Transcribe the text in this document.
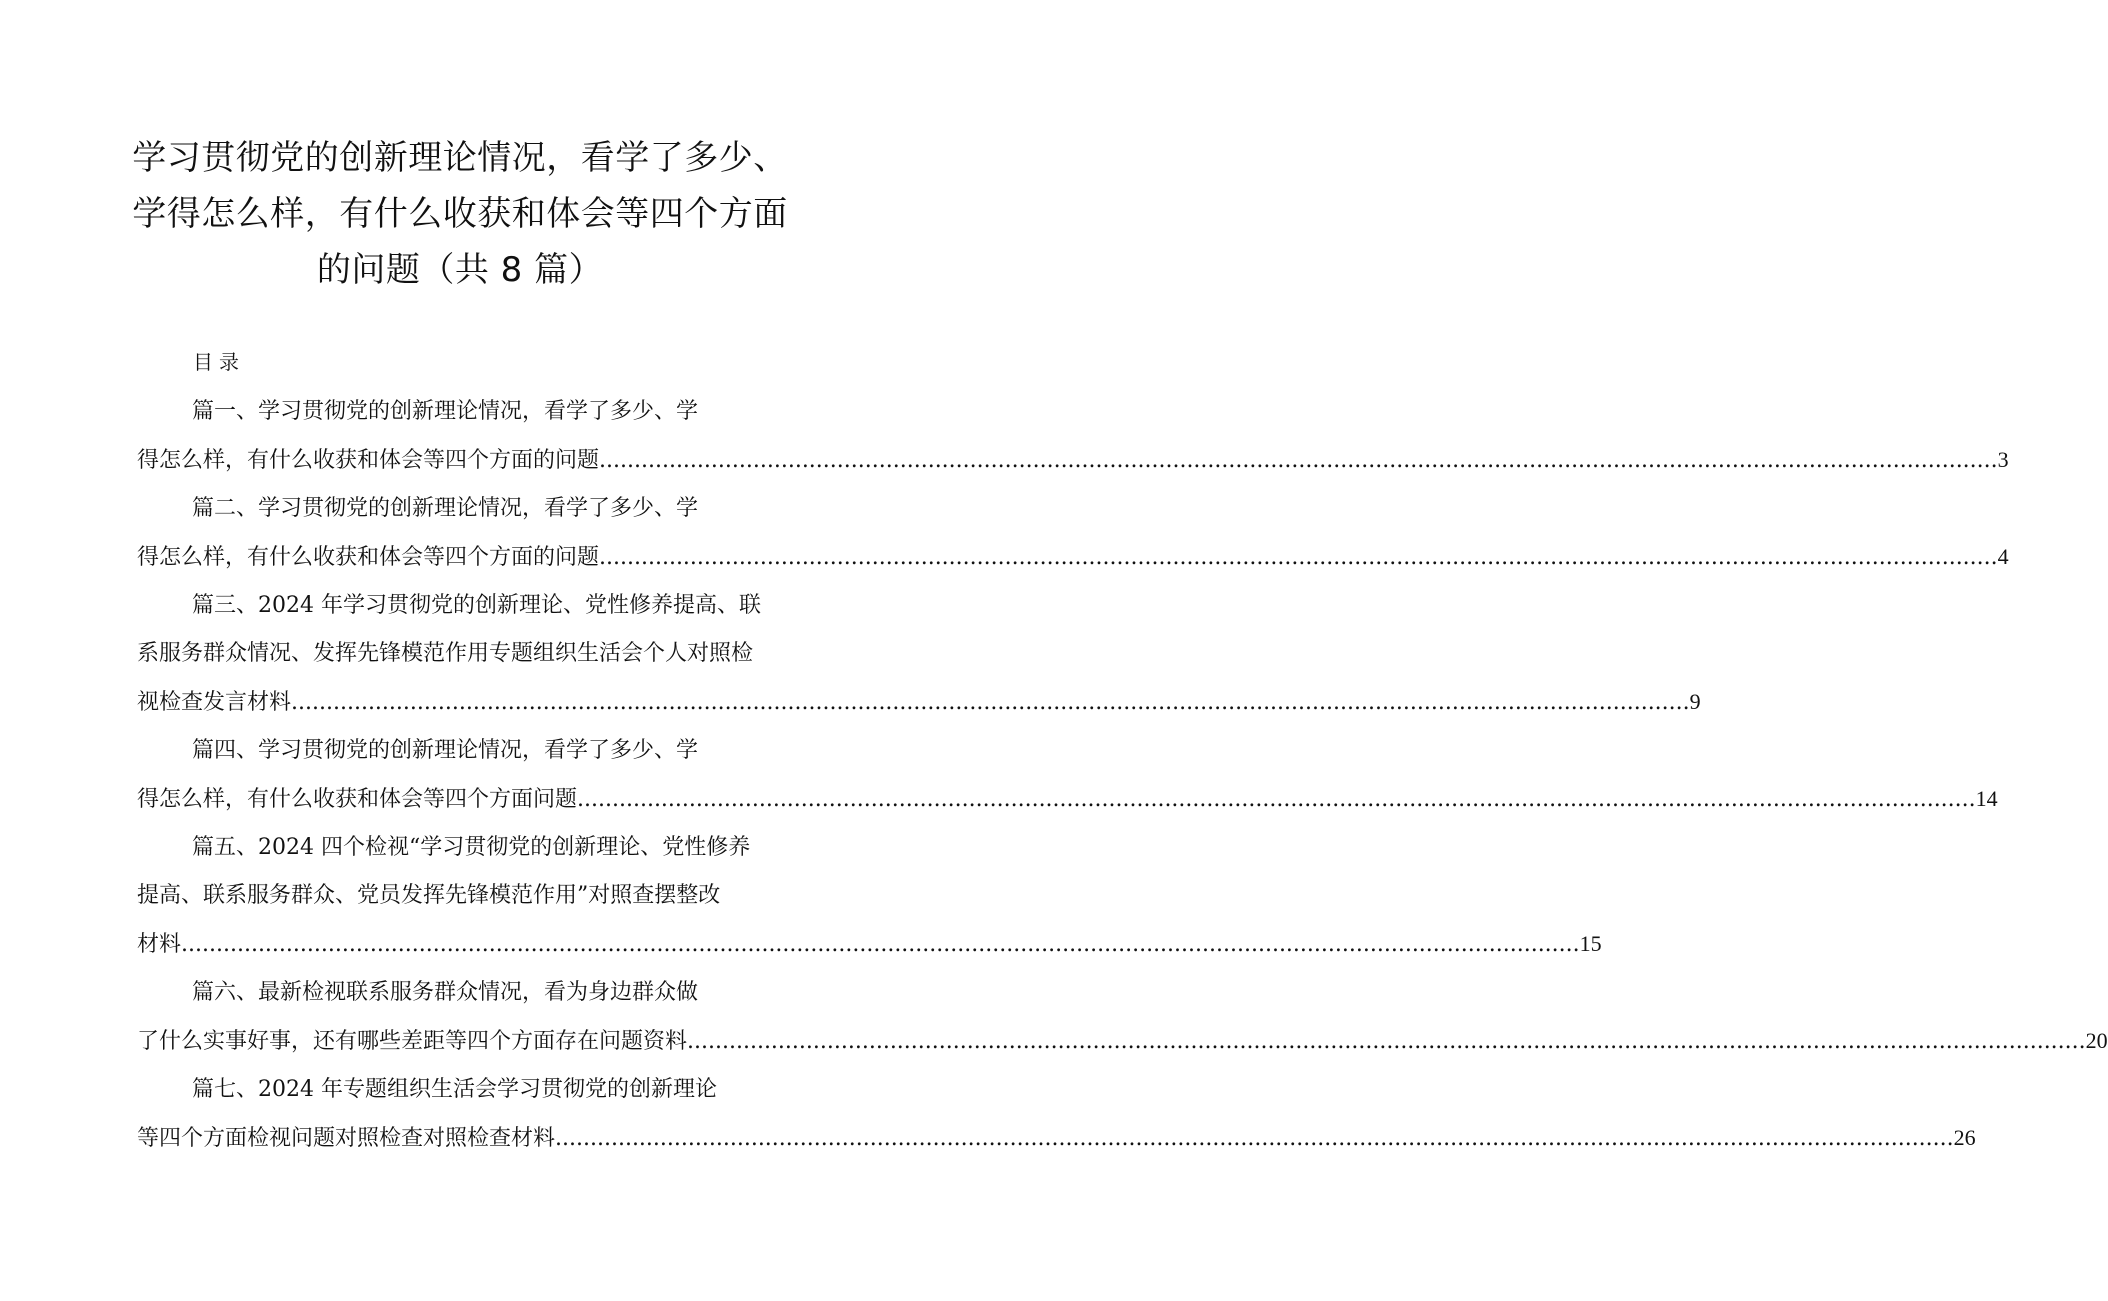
学习贯彻党的创新理论情况，看学了多少、
学得怎么样，有什么收获和体会等四个方面
的问题（共 8 篇）
目录
篇一、学习贯彻党的创新理论情况，看学了多少、学
得怎么样，有什么收获和体会等四个方面的问题 ........................................................................................................................................................................................................ 3
篇二、学习贯彻党的创新理论情况，看学了多少、学
得怎么样，有什么收获和体会等四个方面的问题 ........................................................................................................................................................................................................ 4
篇三、2024 年学习贯彻党的创新理论、党性修养提高、联
系服务群众情况、发挥先锋模范作用专题组织生活会个人对照检
视检查发言材料 ........................................................................................................................................................................................................ 9
篇四、学习贯彻党的创新理论情况，看学了多少、学
得怎么样，有什么收获和体会等四个方面问题 ........................................................................................................................................................................................................ 14
篇五、2024 四个检视“学习贯彻党的创新理论、党性修养
提高、联系服务群众、党员发挥先锋模范作用”对照查摆整改
材料 ........................................................................................................................................................................................................ 15
篇六、最新检视联系服务群众情况，看为身边群众做
了什么实事好事，还有哪些差距等四个方面存在问题资料 ........................................................................................................................................................................................................ 20
篇七、2024 年专题组织生活会学习贯彻党的创新理论
等四个方面检视问题对照检查对照检查材料 ........................................................................................................................................................................................................ 26
